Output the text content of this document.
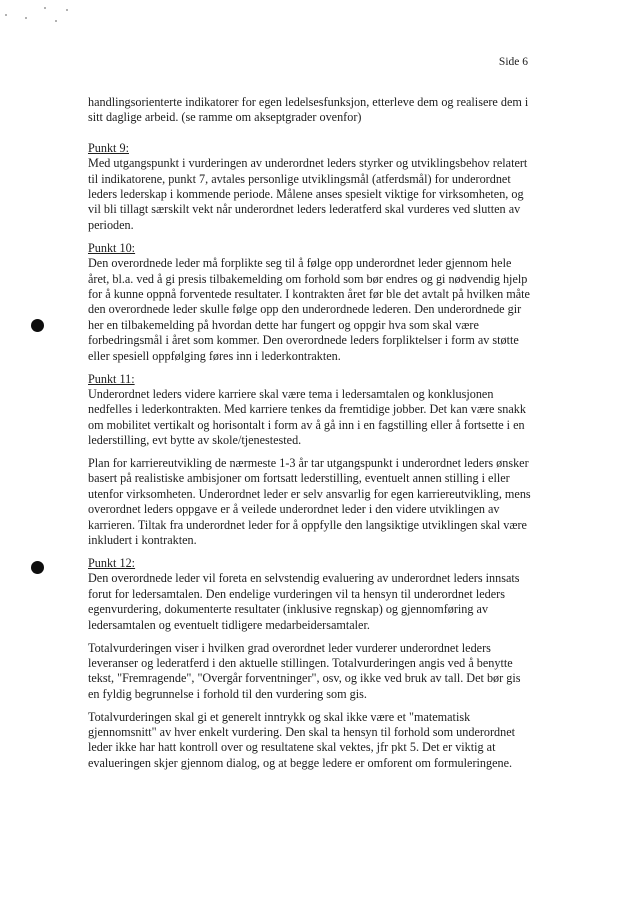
Side 6
handlingsorienterte indikatorer for egen ledelsesfunksjon, etterleve dem og realisere dem i
sitt daglige arbeid. (se ramme om akseptgrader ovenfor)
Punkt 9:
Med utgangspunkt i vurderingen av underordnet leders styrker og utviklingsbehov relatert
til indikatorene, punkt 7, avtales personlige utviklingsmål (atferdsmål) for underordnet
leders lederskap i kommende periode. Målene anses spesielt viktige for virksomheten, og
vil bli tillagt særskilt vekt når underordnet leders lederatferd skal vurderes ved slutten av
perioden.
Punkt 10:
Den overordnede leder må forplikte seg til å følge opp underordnet leder gjennom hele
året, bl.a. ved å gi presis tilbakemelding om forhold som bør endres og gi nødvendig hjelp
for å kunne oppnå forventede resultater. I kontrakten året før ble det avtalt på hvilken måte
den overordnede leder skulle følge opp den underordnede lederen. Den underordnede gir
her en tilbakemelding på hvordan dette har fungert og oppgir hva som skal være
forbedringsmål i året som kommer. Den overordnede leders forpliktelser i form av støtte
eller spesiell oppfølging føres inn i lederkontrakten.
Punkt 11:
Underordnet leders videre karriere skal være tema i ledersamtalen og konklusjonen
nedfelles i lederkontrakten. Med karriere tenkes da fremtidige jobber. Det kan være snakk
om mobilitet vertikalt og horisontalt i form av å gå inn i en fagstilling eller å fortsette i en
lederstilling, evt bytte av skole/tjenestested.
Plan for karriereutvikling de nærmeste 1-3 år tar utgangspunkt i underordnet leders ønsker
basert på realistiske ambisjoner om fortsatt lederstilling, eventuelt annen stilling i eller
utenfor virksomheten. Underordnet leder er selv ansvarlig for egen karriereutvikling, mens
overordnet leders oppgave er å veilede underordnet leder i den videre utviklingen av
karrieren. Tiltak fra underordnet leder for å oppfylle den langsiktige utviklingen skal være
inkludert i kontrakten.
Punkt 12:
Den overordnede leder vil foreta en selvstendig evaluering av underordnet leders innsats
forut for ledersamtalen. Den endelige vurderingen vil ta hensyn til underordnet leders
egenvurdering, dokumenterte resultater (inklusive regnskap) og gjennomføring av
ledersamtalen og eventuelt tidligere medarbeidersamtaler.
Totalvurderingen viser i hvilken grad overordnet leder vurderer underordnet leders
leveranser og lederatferd i den aktuelle stillingen. Totalvurderingen angis ved å benytte
tekst, "Fremragende", "Overgår forventninger", osv, og ikke ved bruk av tall. Det bør gis
en fyldig begrunnelse i forhold til den vurdering som gis.
Totalvurderingen skal gi et generelt inntrykk og skal ikke være et "matematisk
gjennomsnitt" av hver enkelt vurdering. Den skal ta hensyn til forhold som underordnet
leder ikke har hatt kontroll over og resultatene skal vektes, jfr pkt 5. Det er viktig at
evalueringen skjer gjennom dialog, og at begge ledere er omforent om formuleringene.
